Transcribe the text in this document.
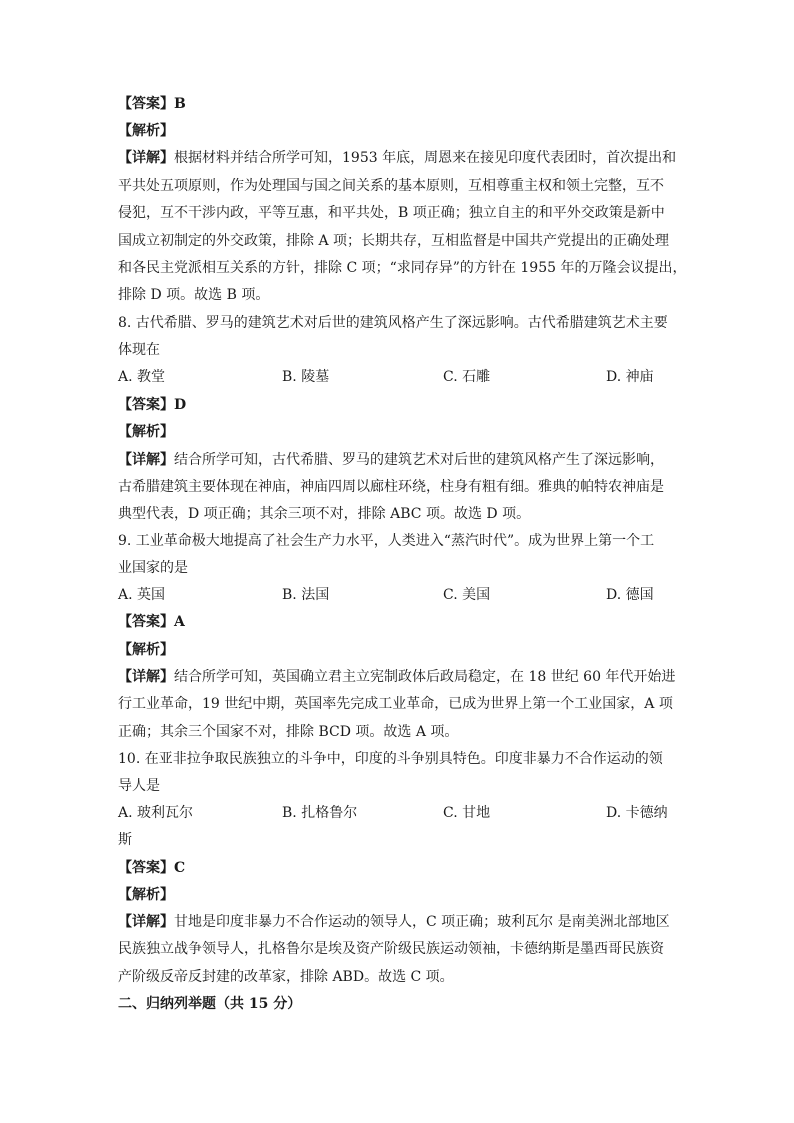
【答案】B

【解析】

【详解】根据材料并结合所学可知，1953 年底，周恩来在接见印度代表团时，首次提出和

平共处五项原则，作为处理国与国之间关系的基本原则，互相尊重主权和领土完整，互不

侵犯，互不干涉内政，平等互惠，和平共处，B 项正确；独立自主的和平外交政策是新中

国成立初制定的外交政策，排除 A 项；长期共存，互相监督是中国共产党提出的正确处理

和各民主党派相互关系的方针，排除 C 项；“求同存异”的方针在 1955 年的万隆会议提出，

排除 D 项。故选 B 项。

8. 古代希腊、罗马的建筑艺术对后世的建筑风格产生了深远影响。古代希腊建筑艺术主要

体现在

A. 教堂	B. 陵墓	C. 石雕	D. 神庙

【答案】D

【解析】

【详解】结合所学可知，古代希腊、罗马的建筑艺术对后世的建筑风格产生了深远影响，

古希腊建筑主要体现在神庙，神庙四周以廊柱环绕，柱身有粗有细。雅典的帕特农神庙是

典型代表，D 项正确；其余三项不对，排除 ABC 项。故选 D 项。

9. 工业革命极大地提高了社会生产力水平，人类进入“蒸汽时代”。成为世界上第一个工

业国家的是

A. 英国	B. 法国	C. 美国	D. 德国

【答案】A

【解析】

【详解】结合所学可知，英国确立君主立宪制政体后政局稳定，在 18 世纪 60 年代开始进

行工业革命，19 世纪中期，英国率先完成工业革命，已成为世界上第一个工业国家，A 项

正确；其余三个国家不对，排除 BCD 项。故选 A 项。

10. 在亚非拉争取民族独立的斗争中，印度的斗争别具特色。印度非暴力不合作运动的领

导人是

A. 玻利瓦尔	B. 扎格鲁尔	C. 甘地	D. 卡德纳

斯

【答案】C

【解析】

【详解】甘地是印度非暴力不合作运动的领导人，C 项正确；玻利瓦尔 是南美洲北部地区

民族独立战争领导人，扎格鲁尔是埃及资产阶级民族运动领袖，卡德纳斯是墨西哥民族资

产阶级反帝反封建的改革家，排除 ABD。故选 C 项。

二、归纳列举题（共 15 分）
